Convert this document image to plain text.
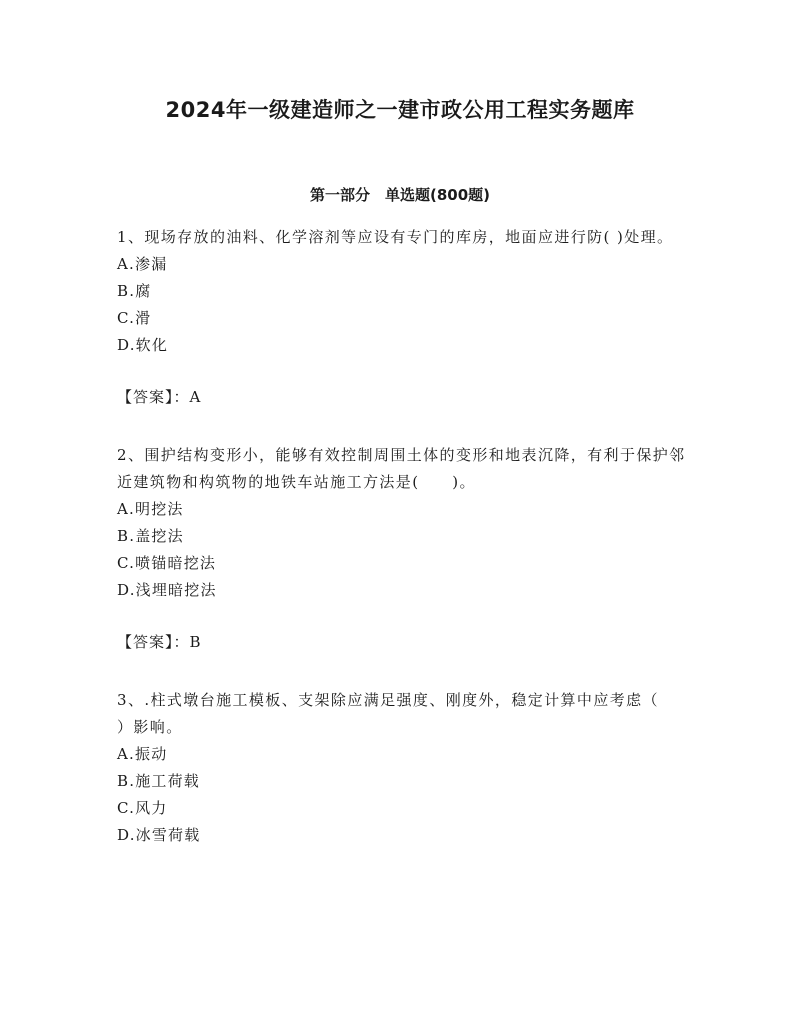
2024年一级建造师之一建市政公用工程实务题库
第一部分　单选题(800题)

1、现场存放的油料、化学溶剂等应设有专门的库房，地面应进行防( )处理。

A.渗漏
B.腐
C.滑
D.软化

【答案】：A

2、围护结构变形小，能够有效控制周围土体的变形和地表沉降，有利于保护邻近建筑物和构筑物的地铁车站施工方法是(　　)。

A.明挖法
B.盖挖法
C.喷锚暗挖法
D.浅埋暗挖法

【答案】：B

3、.柱式墩台施工模板、支架除应满足强度、刚度外，稳定计算中应考虑（　　）影响。

A.振动
B.施工荷载
C.风力
D.冰雪荷载
